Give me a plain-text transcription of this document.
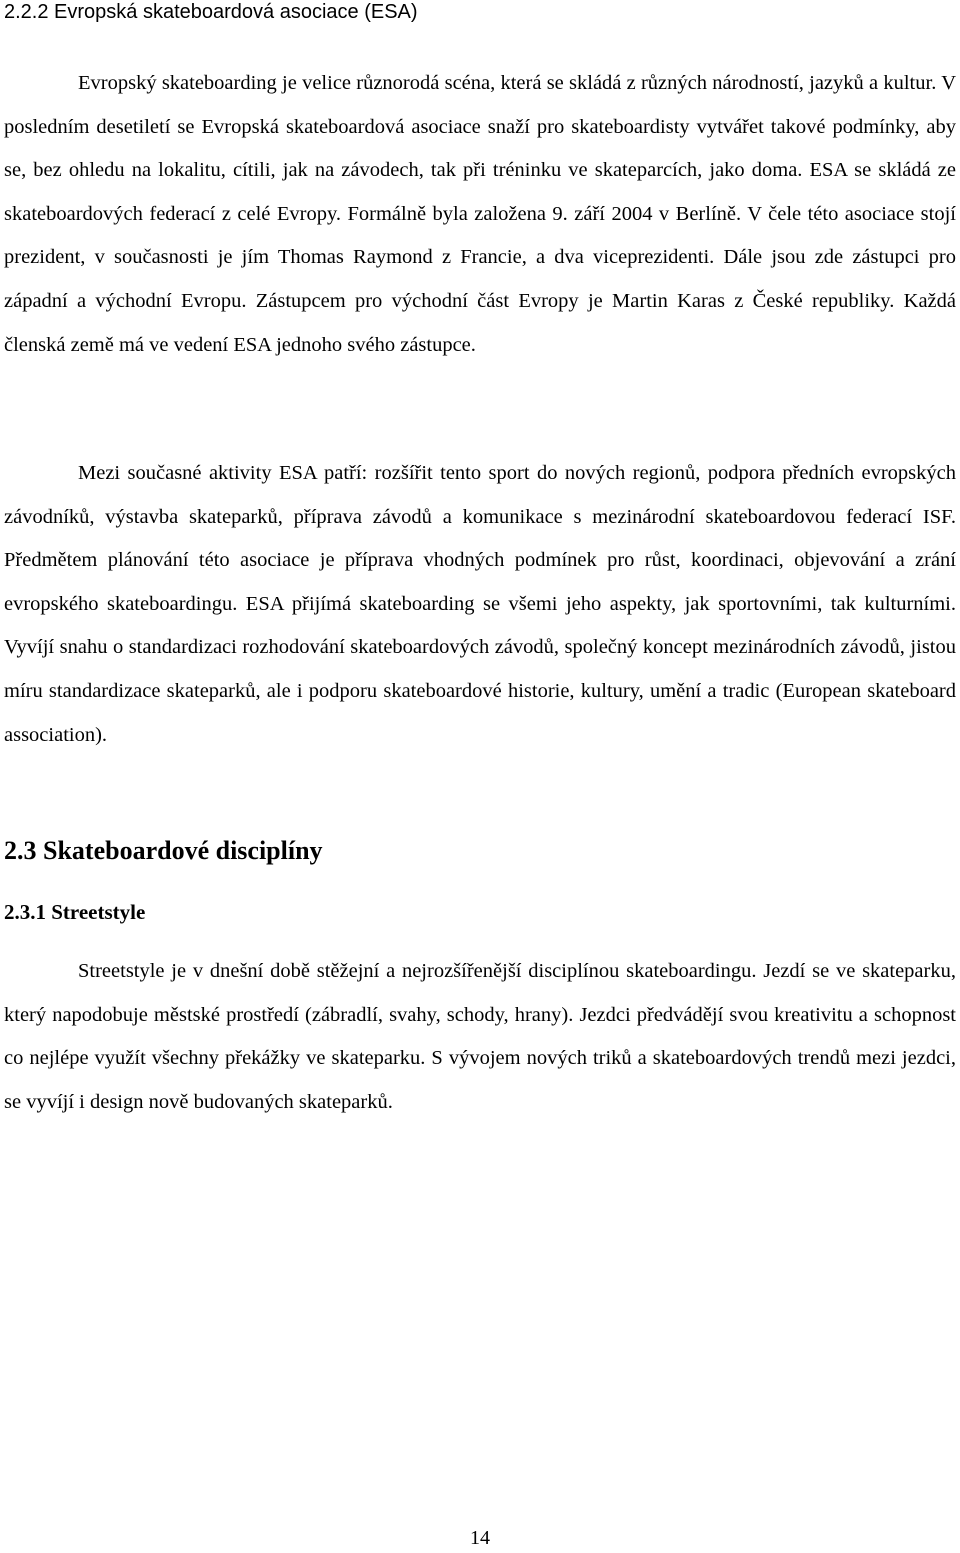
2.2.2 Evropská skateboardová asociace (ESA)

Evropský skateboarding je velice různorodá scéna, která se skládá z různých národností, jazyků a kultur. V posledním desetiletí se Evropská skateboardová asociace snaží pro skateboardisty vytvářet takové podmínky, aby se, bez ohledu na lokalitu, cítili, jak na závodech, tak při tréninku ve skateparcích, jako doma. ESA se skládá ze skateboardových federací z celé Evropy. Formálně byla založena 9. září 2004 v Berlíně. V čele této asociace stojí prezident, v současnosti je jím Thomas Raymond z Francie, a dva viceprezidenti. Dále jsou zde zástupci pro západní a východní Evropu. Zástupcem pro východní část Evropy je Martin Karas z České republiky. Každá členská země má ve vedení ESA jednoho svého zástupce.

Mezi současné aktivity ESA patří: rozšířit tento sport do nových regionů, podpora předních evropských závodníků, výstavba skateparků, příprava závodů a komunikace s mezinárodní skateboardovou federací ISF. Předmětem plánování této asociace je příprava vhodných podmínek pro růst, koordinaci, objevování a zrání evropského skateboardingu. ESA přijímá skateboarding se všemi jeho aspekty, jak sportovními, tak kulturními. Vyvíjí snahu o standardizaci rozhodování skateboardových závodů, společný koncept mezinárodních závodů, jistou míru standardizace skateparků, ale i podporu skateboardové historie, kultury, umění a tradic (European skateboard association).

2.3 Skateboardové disciplíny
2.3.1 Streetstyle

Streetstyle je v dnešní době stěžejní a nejrozšířenější disciplínou skateboardingu. Jezdí se ve skateparku, který napodobuje městské prostředí (zábradlí, svahy, schody, hrany). Jezdci předvádějí svou kreativitu a schopnost co nejlépe využít všechny překážky ve skateparku. S vývojem nových triků a skateboardových trendů mezi jezdci, se vyvíjí i design nově budovaných skateparků.

14
